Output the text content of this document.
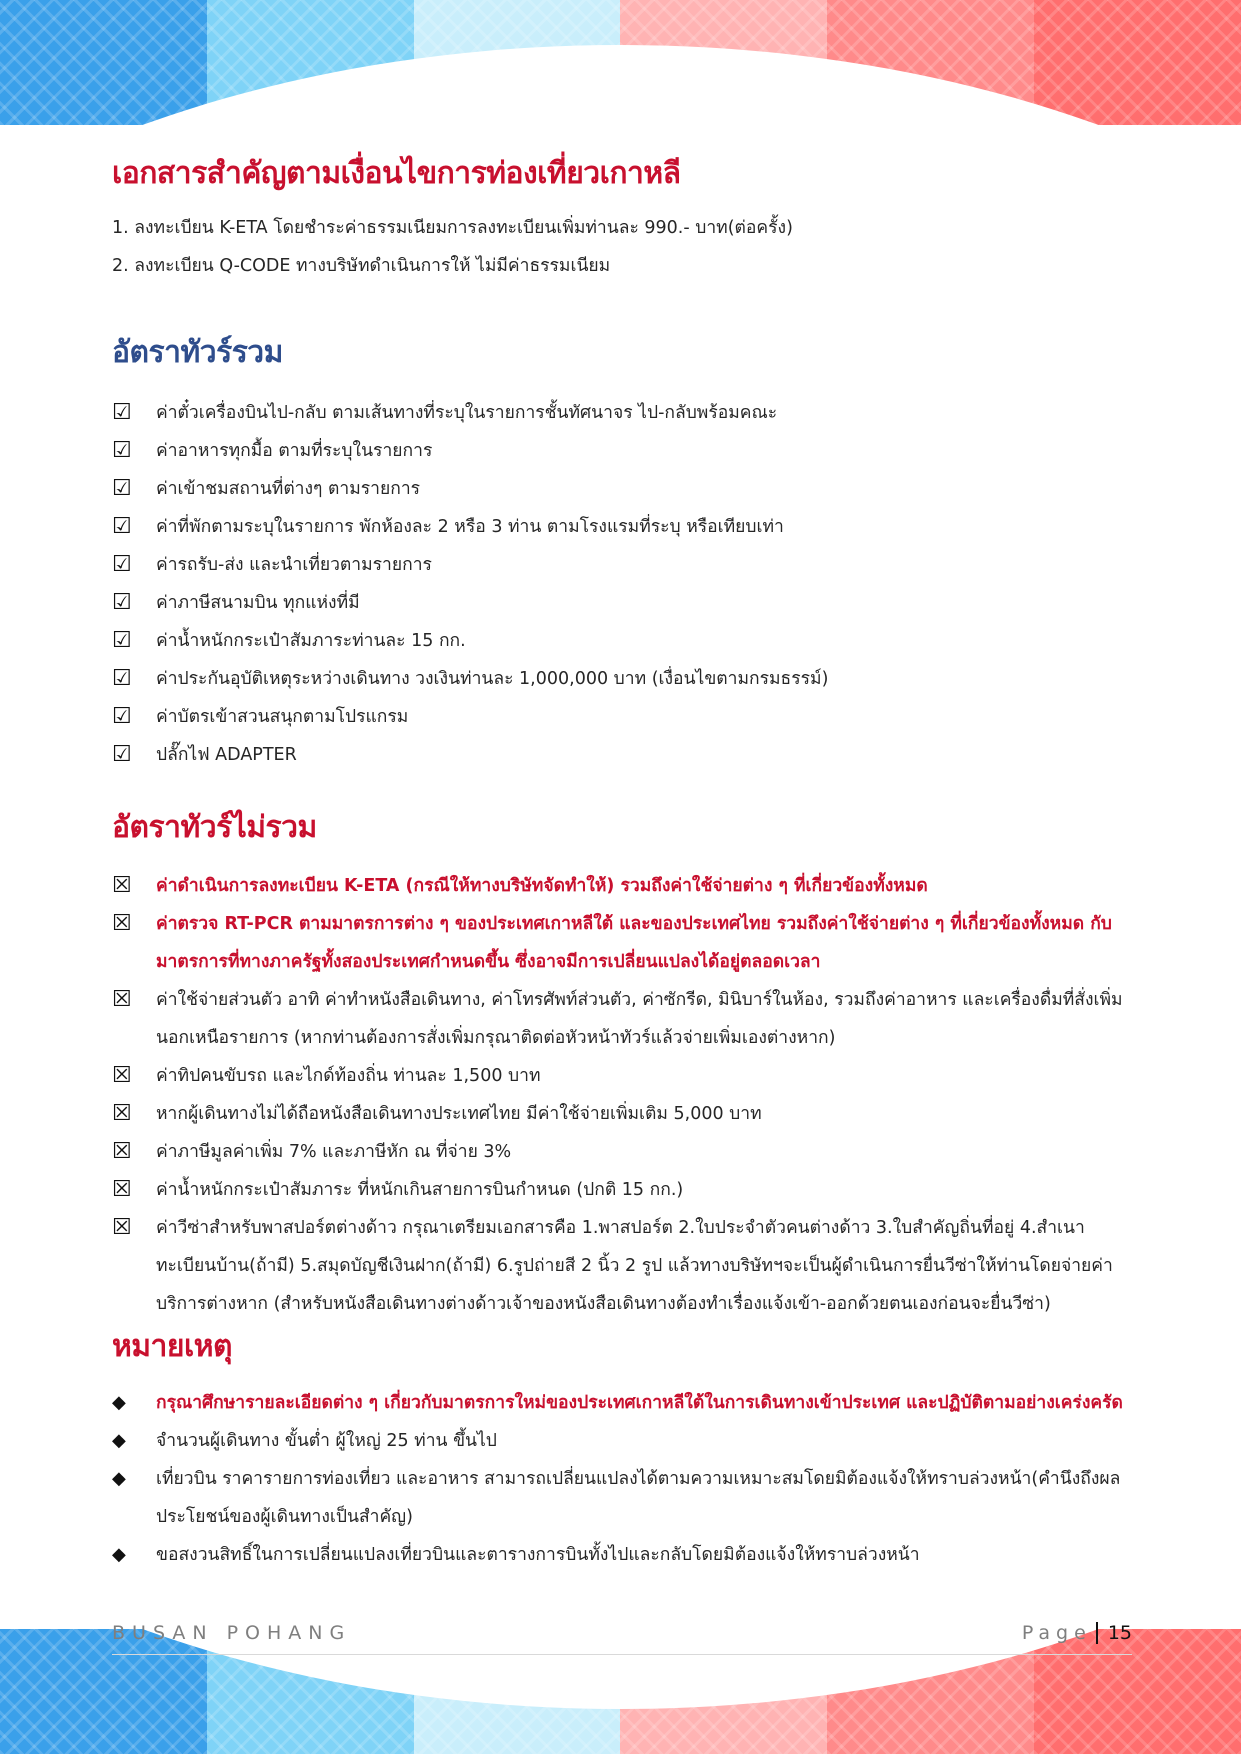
เอกสารสำคัญตามเงื่อนไขการท่องเที่ยวเกาหลี
1. ลงทะเบียน K-ETA โดยชำระค่าธรรมเนียมการลงทะเบียนเพิ่มท่านละ 990.- บาท(ต่อครั้ง)
2. ลงทะเบียน Q-CODE ทางบริษัทดำเนินการให้ ไม่มีค่าธรรมเนียม
อัตราทัวร์รวม
☑	ค่าตั๋วเครื่องบินไป-กลับ ตามเส้นทางที่ระบุในรายการชั้นทัศนาจร ไป-กลับพร้อมคณะ
☑	ค่าอาหารทุกมื้อ ตามที่ระบุในรายการ
☑	ค่าเข้าชมสถานที่ต่างๆ ตามรายการ
☑	ค่าที่พักตามระบุในรายการ พักห้องละ 2 หรือ 3 ท่าน ตามโรงแรมที่ระบุ หรือเทียบเท่า
☑	ค่ารถรับ-ส่ง และนำเที่ยวตามรายการ
☑	ค่าภาษีสนามบิน ทุกแห่งที่มี
☑	ค่าน้ำหนักกระเป๋าสัมภาระท่านละ 15 กก.
☑	ค่าประกันอุบัติเหตุระหว่างเดินทาง วงเงินท่านละ 1,000,000 บาท (เงื่อนไขตามกรมธรรม์)
☑	ค่าบัตรเข้าสวนสนุกตามโปรแกรม
☑	ปลั๊กไฟ ADAPTER
อัตราทัวร์ไม่รวม
☒	ค่าดำเนินการลงทะเบียน K-ETA (กรณีให้ทางบริษัทจัดทำให้) รวมถึงค่าใช้จ่ายต่าง ๆ ที่เกี่ยวข้องทั้งหมด
☒	ค่าตรวจ RT-PCR ตามมาตรการต่าง ๆ ของประเทศเกาหลีใต้ และของประเทศไทย รวมถึงค่าใช้จ่ายต่าง ๆ ที่เกี่ยวข้องทั้งหมด กับมาตรการที่ทางภาครัฐทั้งสองประเทศกำหนดขึ้น ซึ่งอาจมีการเปลี่ยนแปลงได้อยู่ตลอดเวลา
☒	ค่าใช้จ่ายส่วนตัว อาทิ ค่าทำหนังสือเดินทาง, ค่าโทรศัพท์ส่วนตัว, ค่าซักรีด, มินิบาร์ในห้อง, รวมถึงค่าอาหาร และเครื่องดื่มที่สั่งเพิ่มนอกเหนือรายการ (หากท่านต้องการสั่งเพิ่มกรุณาติดต่อหัวหน้าทัวร์แล้วจ่ายเพิ่มเองต่างหาก)
☒	ค่าทิปคนขับรถ และไกด์ท้องถิ่น ท่านละ 1,500 บาท
☒	หากผู้เดินทางไม่ได้ถือหนังสือเดินทางประเทศไทย มีค่าใช้จ่ายเพิ่มเติม 5,000 บาท
☒	ค่าภาษีมูลค่าเพิ่ม 7% และภาษีหัก ณ ที่จ่าย 3%
☒	ค่าน้ำหนักกระเป๋าสัมภาระ ที่หนักเกินสายการบินกำหนด (ปกติ 15 กก.)
☒	ค่าวีซ่าสำหรับพาสปอร์ตต่างด้าว กรุณาเตรียมเอกสารคือ 1.พาสปอร์ต 2.ใบประจำตัวคนต่างด้าว 3.ใบสำคัญถิ่นที่อยู่ 4.สำเนาทะเบียนบ้าน(ถ้ามี) 5.สมุดบัญชีเงินฝาก(ถ้ามี) 6.รูปถ่ายสี 2 นิ้ว 2 รูป แล้วทางบริษัทฯจะเป็นผู้ดำเนินการยื่นวีซ่าให้ท่านโดยจ่ายค่าบริการต่างหาก (สำหรับหนังสือเดินทางต่างด้าวเจ้าของหนังสือเดินทางต้องทำเรื่องแจ้งเข้า-ออกด้วยตนเองก่อนจะยื่นวีซ่า)
หมายเหตุ
◆	กรุณาศึกษารายละเอียดต่าง ๆ เกี่ยวกับมาตรการใหม่ของประเทศเกาหลีใต้ในการเดินทางเข้าประเทศ และปฏิบัติตามอย่างเคร่งครัด
◆	จำนวนผู้เดินทาง ขั้นต่ำ ผู้ใหญ่ 25 ท่าน ขึ้นไป
◆	เที่ยวบิน ราคารายการท่องเที่ยว และอาหาร สามารถเปลี่ยนแปลงได้ตามความเหมาะสมโดยมิต้องแจ้งให้ทราบล่วงหน้า(คำนึงถึงผลประโยชน์ของผู้เดินทางเป็นสำคัญ)
◆	ขอสงวนสิทธิ์ในการเปลี่ยนแปลงเที่ยวบินและตารางการบินทั้งไปและกลับโดยมิต้องแจ้งให้ทราบล่วงหน้า
BUSAN POHANG	Page 15
